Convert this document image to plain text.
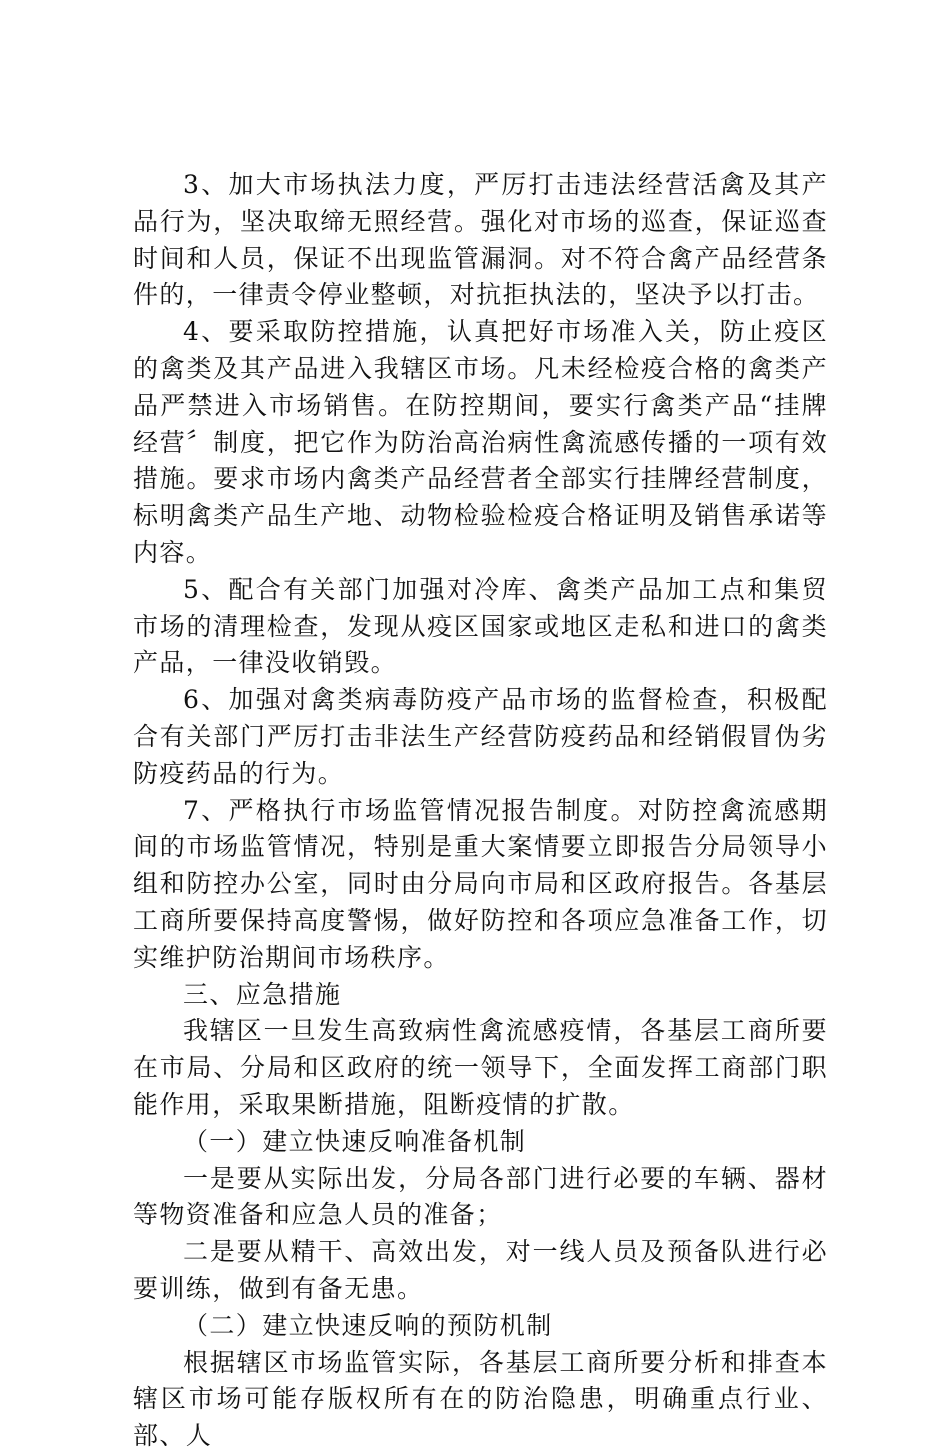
3、加大市场执法力度，严厉打击违法经营活禽及其产品行为，坚决取缔无照经营。强化对市场的巡查，保证巡查时间和人员，保证不出现监管漏洞。对不符合禽产品经营条件的，一律责令停业整顿，对抗拒执法的，坚决予以打击。

4、要采取防控措施，认真把好市场准入关，防止疫区的禽类及其产品进入我辖区市场。凡未经检疫合格的禽类产品严禁进入市场销售。在防控期间，要实行禽类产品“挂牌经营〞制度，把它作为防治高治病性禽流感传播的一项有效措施。要求市场内禽类产品经营者全部实行挂牌经营制度，标明禽类产品生产地、动物检验检疫合格证明及销售承诺等内容。

5、配合有关部门加强对冷库、禽类产品加工点和集贸市场的清理检查，发现从疫区国家或地区走私和进口的禽类产品，一律没收销毁。

6、加强对禽类病毒防疫产品市场的监督检查，积极配合有关部门严厉打击非法生产经营防疫药品和经销假冒伪劣防疫药品的行为。

7、严格执行市场监管情况报告制度。对防控禽流感期间的市场监管情况，特别是重大案情要立即报告分局领导小组和防控办公室，同时由分局向市局和区政府报告。各基层工商所要保持高度警惕，做好防控和各项应急准备工作，切实维护防治期间市场秩序。

三、应急措施

我辖区一旦发生高致病性禽流感疫情，各基层工商所要在市局、分局和区政府的统一领导下，全面发挥工商部门职能作用，采取果断措施，阻断疫情的扩散。

（一）建立快速反响准备机制

一是要从实际出发，分局各部门进行必要的车辆、器材等物资准备和应急人员的准备；

二是要从精干、高效出发，对一线人员及预备队进行必要训练，做到有备无患。

（二）建立快速反响的预防机制

根据辖区市场监管实际，各基层工商所要分析和排查本辖区市场可能存版权所有在的防治隐患，明确重点行业、部、人
